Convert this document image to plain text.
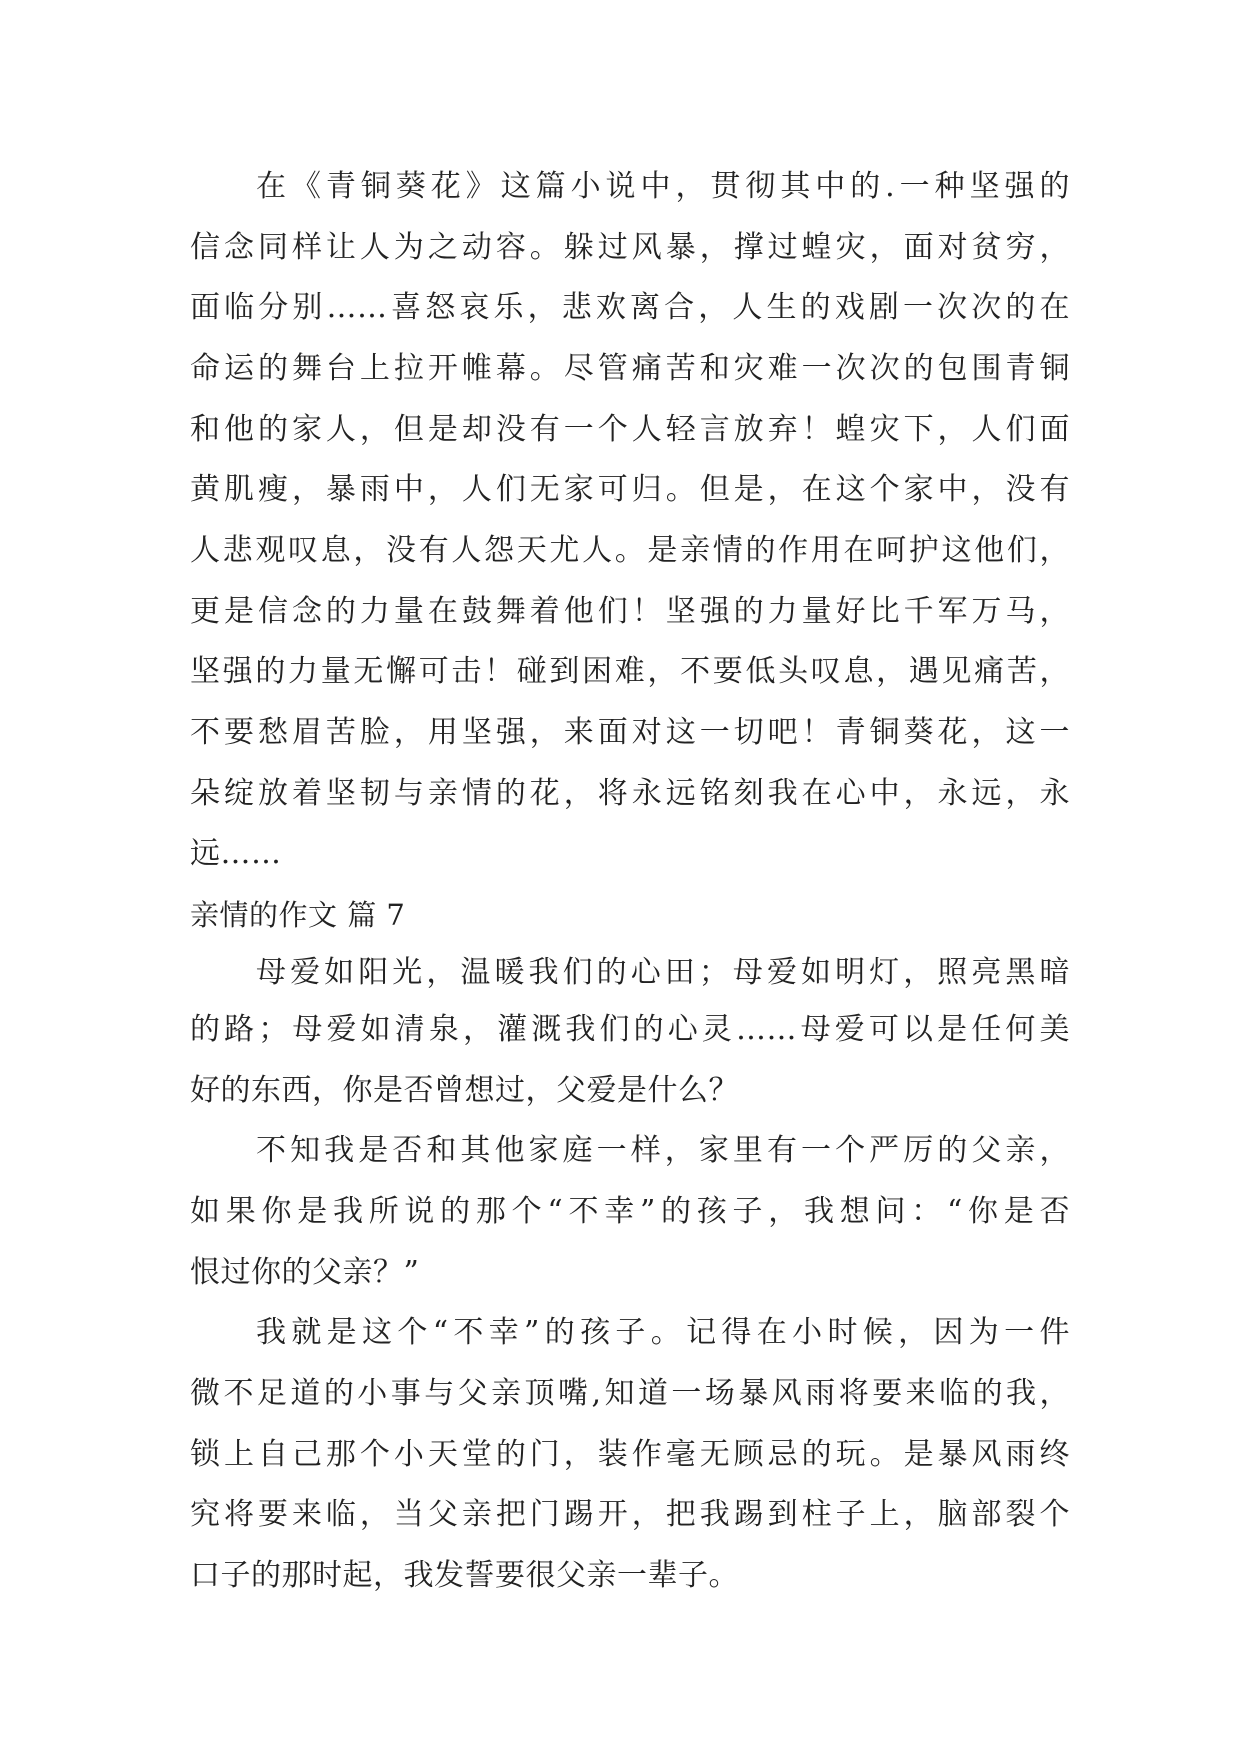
在《青铜葵花》这篇小说中，贯彻其中的.一种坚强的
信念同样让人为之动容。躲过风暴，撑过蝗灾，面对贫穷，
面临分别……喜怒哀乐，悲欢离合，人生的戏剧一次次的在
命运的舞台上拉开帷幕。尽管痛苦和灾难一次次的包围青铜
和他的家人，但是却没有一个人轻言放弃！蝗灾下，人们面
黄肌瘦，暴雨中，人们无家可归。但是，在这个家中，没有
人悲观叹息，没有人怨天尤人。是亲情的作用在呵护这他们，
更是信念的力量在鼓舞着他们！坚强的力量好比千军万马，
坚强的力量无懈可击！碰到困难，不要低头叹息，遇见痛苦，
不要愁眉苦脸，用坚强，来面对这一切吧！青铜葵花，这一
朵绽放着坚韧与亲情的花，将永远铭刻我在心中，永远，永
远……
亲情的作文 篇 7
母爱如阳光，温暖我们的心田；母爱如明灯，照亮黑暗
的路；母爱如清泉，灌溉我们的心灵……母爱可以是任何美
好的东西，你是否曾想过，父爱是什么？
不知我是否和其他家庭一样，家里有一个严厉的父亲，
如果你是我所说的那个“不幸”的孩子，我想问：“你是否
恨过你的父亲？”
我就是这个“不幸”的孩子。记得在小时候，因为一件
微不足道的小事与父亲顶嘴,知道一场暴风雨将要来临的我，
锁上自己那个小天堂的门，装作毫无顾忌的玩。是暴风雨终
究将要来临，当父亲把门踢开，把我踢到柱子上，脑部裂个
口子的那时起，我发誓要很父亲一辈子。
